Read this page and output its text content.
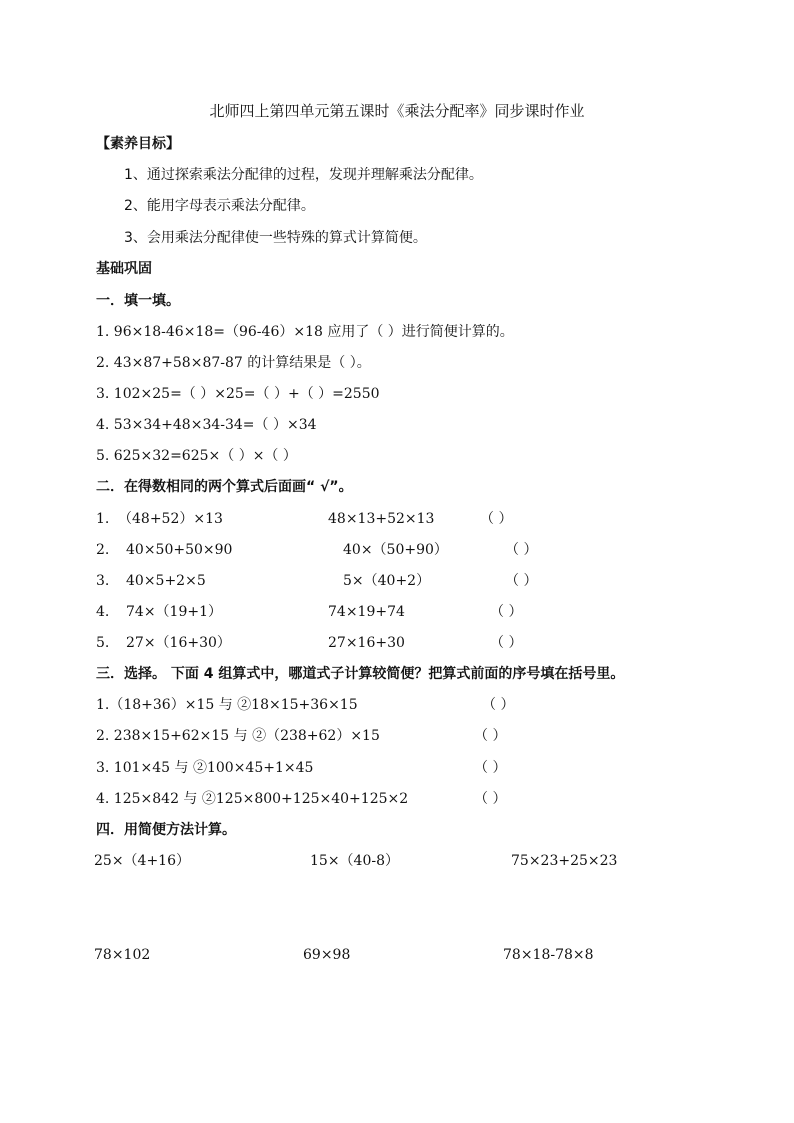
北师四上第四单元第五课时《乘法分配率》同步课时作业
【素养目标】
1、通过探索乘法分配律的过程，发现并理解乘法分配律。
2、能用字母表示乘法分配律。
3、会用乘法分配律使一些特殊的算式计算简便。
基础巩固
一．填一填。
1. 96×18-46×18=（96-46）×18 应用了（ ）进行简便计算的。
2. 43×87+58×87-87 的计算结果是（ ）。
3. 102×25=（ ）×25=（ ）+（ ）=2550
4. 53×34+48×34-34=（ ）×34
5. 625×32=625×（ ）×（ ）
二．在得数相同的两个算式后面画“ √”。
1. （48+52）×13	48×13+52×13	（ ）
2. 40×50+50×90	40×（50+90）	（ ）
3. 40×5+2×5	5×（40+2）	（ ）
4. 74×（19+1）	74×19+74	（ ）
5. 27×（16+30）	27×16+30	（ ）
三．选择。 下面 4 组算式中，哪道式子计算较简便？把算式前面的序号填在括号里。
1.（18+36）×15 与 ②18×15+36×15	（ ）
2. 238×15+62×15 与 ②（238+62）×15	（ ）
3. 101×45 与 ②100×45+1×45	（ ）
4. 125×842 与 ②125×800+125×40+125×2	（ ）
四．用简便方法计算。
25×（4+16）	15×（40-8）	75×23+25×23
78×102	69×98	78×18-78×8
